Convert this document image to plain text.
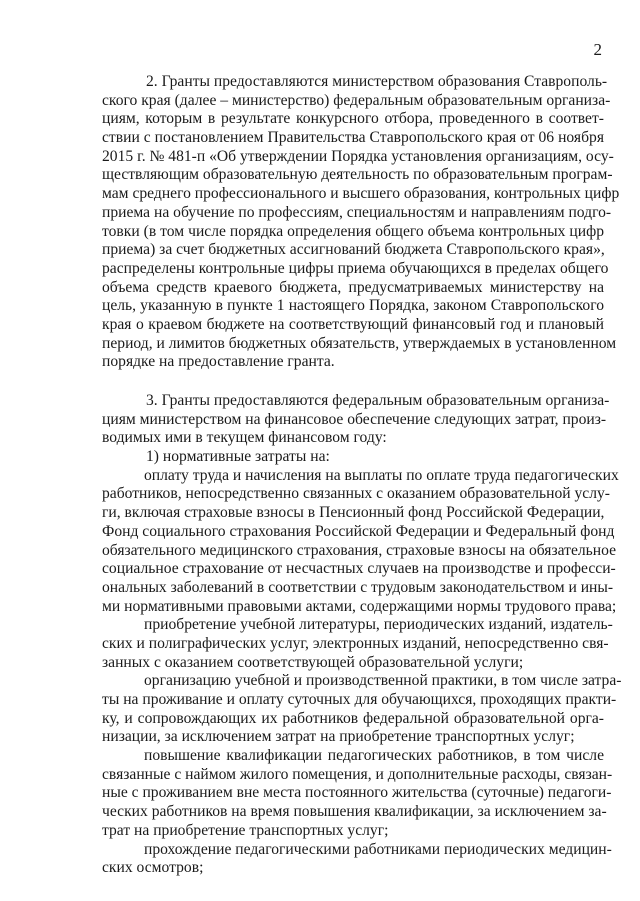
2
2. Гранты предоставляются министерством образования Ставрополь-
ского края (далее – министерство) федеральным образовательным организа-
циям, которым в результате конкурсного отбора, проведенного в соответ-
ствии с постановлением Правительства Ставропольского края от 06 ноября
2015 г. № 481-п «Об утверждении Порядка установления организациям, осу-
ществляющим образовательную деятельность по образовательным програм-
мам среднего профессионального и высшего образования, контрольных цифр
приема на обучение по профессиям, специальностям и направлениям подго-
товки (в том числе порядка определения общего объема контрольных цифр
приема) за счет бюджетных ассигнований бюджета Ставропольского края»,
распределены контрольные цифры приема обучающихся в пределах общего
объема средств краевого бюджета, предусматриваемых министерству на
цель, указанную в пункте 1 настоящего Порядка, законом Ставропольского
края о краевом бюджете на соответствующий финансовый год и плановый
период, и лимитов бюджетных обязательств, утверждаемых в установленном
порядке на предоставление гранта.
3. Гранты предоставляются федеральным образовательным организа-
циям министерством на финансовое обеспечение следующих затрат, произ-
водимых ими в текущем финансовом году:
1) нормативные затраты на:
оплату труда и начисления на выплаты по оплате труда педагогических
работников, непосредственно связанных с оказанием образовательной услу-
ги, включая страховые взносы в Пенсионный фонд Российской Федерации,
Фонд социального страхования Российской Федерации и Федеральный фонд
обязательного медицинского страхования, страховые взносы на обязательное
социальное страхование от несчастных случаев на производстве и професси-
ональных заболеваний в соответствии с трудовым законодательством и ины-
ми нормативными правовыми актами, содержащими нормы трудового права;
приобретение учебной литературы, периодических изданий, издатель-
ских и полиграфических услуг, электронных изданий, непосредственно свя-
занных с оказанием соответствующей образовательной услуги;
организацию учебной и производственной практики, в том числе затра-
ты на проживание и оплату суточных для обучающихся, проходящих практи-
ку, и сопровождающих их работников федеральной образовательной орга-
низации, за исключением затрат на приобретение транспортных услуг;
повышение квалификации педагогических работников, в том числе
связанные с наймом жилого помещения, и дополнительные расходы, связан-
ные с проживанием вне места постоянного жительства (суточные) педагоги-
ческих работников на время повышения квалификации, за исключением за-
трат на приобретение транспортных услуг;
прохождение педагогическими работниками периодических медицин-
ских осмотров;
